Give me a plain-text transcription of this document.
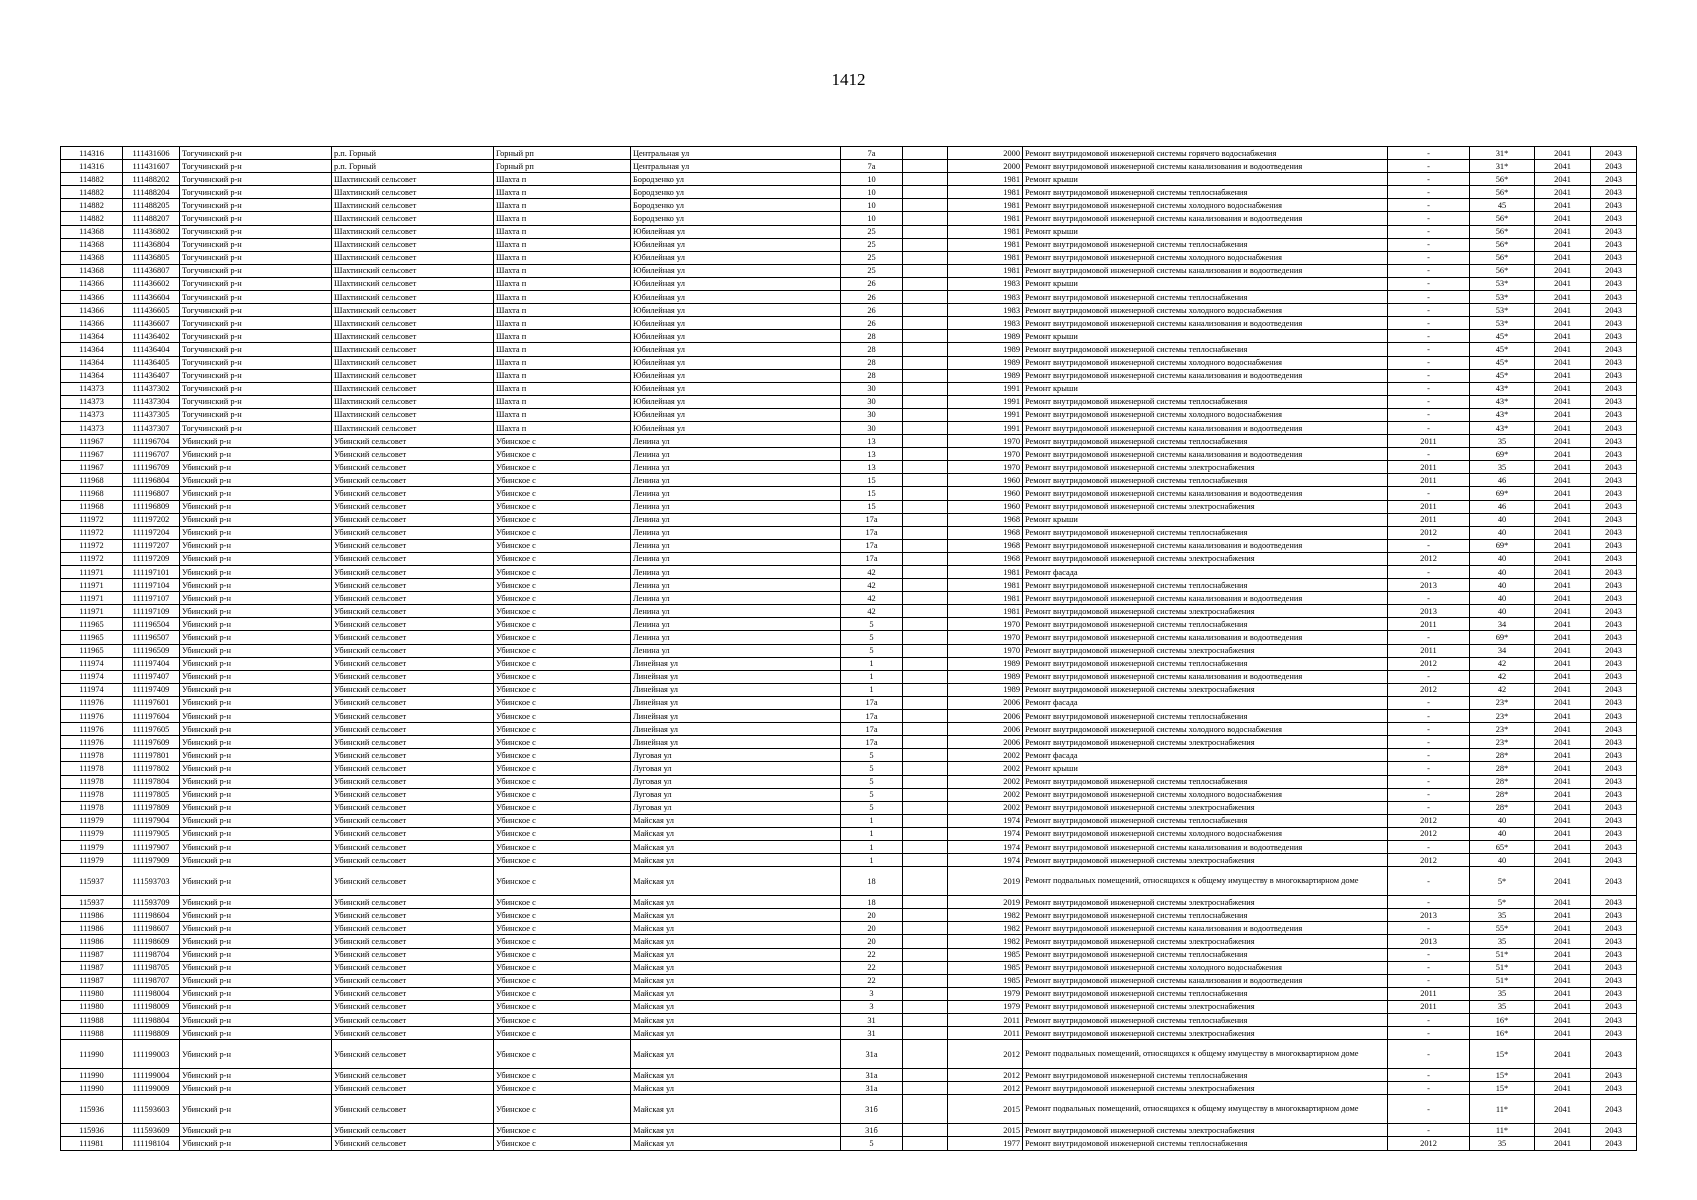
1412
114316	111431606	Тогучинский р-н	р.п. Горный	Горный рп	Центральная ул	7а		2000	Ремонт внутридомовой инженерной системы горячего водоснабжения	-	31*	2041	2043
114316	111431607	Тогучинский р-н	р.п. Горный	Горный рп	Центральная ул	7а		2000	Ремонт внутридомовой инженерной системы канализования и водоотведения	-	31*	2041	2043
114882	111488202	Тогучинский р-н	Шахтинский сельсовет	Шахта п	Бородзенко ул	10		1981	Ремонт крыши	-	56*	2041	2043
114882	111488204	Тогучинский р-н	Шахтинский сельсовет	Шахта п	Бородзенко ул	10		1981	Ремонт внутридомовой инженерной системы теплоснабжения	-	56*	2041	2043
114882	111488205	Тогучинский р-н	Шахтинский сельсовет	Шахта п	Бородзенко ул	10		1981	Ремонт внутридомовой инженерной системы холодного водоснабжения	-	45	2041	2043
114882	111488207	Тогучинский р-н	Шахтинский сельсовет	Шахта п	Бородзенко ул	10		1981	Ремонт внутридомовой инженерной системы канализования и водоотведения	-	56*	2041	2043
114368	111436802	Тогучинский р-н	Шахтинский сельсовет	Шахта п	Юбилейная ул	25		1981	Ремонт крыши	-	56*	2041	2043
114368	111436804	Тогучинский р-н	Шахтинский сельсовет	Шахта п	Юбилейная ул	25		1981	Ремонт внутридомовой инженерной системы теплоснабжения	-	56*	2041	2043
114368	111436805	Тогучинский р-н	Шахтинский сельсовет	Шахта п	Юбилейная ул	25		1981	Ремонт внутридомовой инженерной системы холодного водоснабжения	-	56*	2041	2043
114368	111436807	Тогучинский р-н	Шахтинский сельсовет	Шахта п	Юбилейная ул	25		1981	Ремонт внутридомовой инженерной системы канализования и водоотведения	-	56*	2041	2043
114366	111436602	Тогучинский р-н	Шахтинский сельсовет	Шахта п	Юбилейная ул	26		1983	Ремонт крыши	-	53*	2041	2043
114366	111436604	Тогучинский р-н	Шахтинский сельсовет	Шахта п	Юбилейная ул	26		1983	Ремонт внутридомовой инженерной системы теплоснабжения	-	53*	2041	2043
114366	111436605	Тогучинский р-н	Шахтинский сельсовет	Шахта п	Юбилейная ул	26		1983	Ремонт внутридомовой инженерной системы холодного водоснабжения	-	53*	2041	2043
114366	111436607	Тогучинский р-н	Шахтинский сельсовет	Шахта п	Юбилейная ул	26		1983	Ремонт внутридомовой инженерной системы канализования и водоотведения	-	53*	2041	2043
114364	111436402	Тогучинский р-н	Шахтинский сельсовет	Шахта п	Юбилейная ул	28		1989	Ремонт крыши	-	45*	2041	2043
114364	111436404	Тогучинский р-н	Шахтинский сельсовет	Шахта п	Юбилейная ул	28		1989	Ремонт внутридомовой инженерной системы теплоснабжения	-	45*	2041	2043
114364	111436405	Тогучинский р-н	Шахтинский сельсовет	Шахта п	Юбилейная ул	28		1989	Ремонт внутридомовой инженерной системы холодного водоснабжения	-	45*	2041	2043
114364	111436407	Тогучинский р-н	Шахтинский сельсовет	Шахта п	Юбилейная ул	28		1989	Ремонт внутридомовой инженерной системы канализования и водоотведения	-	45*	2041	2043
114373	111437302	Тогучинский р-н	Шахтинский сельсовет	Шахта п	Юбилейная ул	30		1991	Ремонт крыши	-	43*	2041	2043
114373	111437304	Тогучинский р-н	Шахтинский сельсовет	Шахта п	Юбилейная ул	30		1991	Ремонт внутридомовой инженерной системы теплоснабжения	-	43*	2041	2043
114373	111437305	Тогучинский р-н	Шахтинский сельсовет	Шахта п	Юбилейная ул	30		1991	Ремонт внутридомовой инженерной системы холодного водоснабжения	-	43*	2041	2043
114373	111437307	Тогучинский р-н	Шахтинский сельсовет	Шахта п	Юбилейная ул	30		1991	Ремонт внутридомовой инженерной системы канализования и водоотведения	-	43*	2041	2043
111967	111196704	Убинский р-н	Убинский сельсовет	Убинское с	Ленина ул	13		1970	Ремонт внутридомовой инженерной системы теплоснабжения	2011	35	2041	2043
111967	111196707	Убинский р-н	Убинский сельсовет	Убинское с	Ленина ул	13		1970	Ремонт внутридомовой инженерной системы канализования и водоотведения	-	69*	2041	2043
111967	111196709	Убинский р-н	Убинский сельсовет	Убинское с	Ленина ул	13		1970	Ремонт внутридомовой инженерной системы электроснабжения	2011	35	2041	2043
111968	111196804	Убинский р-н	Убинский сельсовет	Убинское с	Ленина ул	15		1960	Ремонт внутридомовой инженерной системы теплоснабжения	2011	46	2041	2043
111968	111196807	Убинский р-н	Убинский сельсовет	Убинское с	Ленина ул	15		1960	Ремонт внутридомовой инженерной системы канализования и водоотведения	-	69*	2041	2043
111968	111196809	Убинский р-н	Убинский сельсовет	Убинское с	Ленина ул	15		1960	Ремонт внутридомовой инженерной системы электроснабжения	2011	46	2041	2043
111972	111197202	Убинский р-н	Убинский сельсовет	Убинское с	Ленина ул	17а		1968	Ремонт крыши	2011	40	2041	2043
111972	111197204	Убинский р-н	Убинский сельсовет	Убинское с	Ленина ул	17а		1968	Ремонт внутридомовой инженерной системы теплоснабжения	2012	40	2041	2043
111972	111197207	Убинский р-н	Убинский сельсовет	Убинское с	Ленина ул	17а		1968	Ремонт внутридомовой инженерной системы канализования и водоотведения	-	69*	2041	2043
111972	111197209	Убинский р-н	Убинский сельсовет	Убинское с	Ленина ул	17а		1968	Ремонт внутридомовой инженерной системы электроснабжения	2012	40	2041	2043
111971	111197101	Убинский р-н	Убинский сельсовет	Убинское с	Ленина ул	42		1981	Ремонт фасада	-	40	2041	2043
111971	111197104	Убинский р-н	Убинский сельсовет	Убинское с	Ленина ул	42		1981	Ремонт внутридомовой инженерной системы теплоснабжения	2013	40	2041	2043
111971	111197107	Убинский р-н	Убинский сельсовет	Убинское с	Ленина ул	42		1981	Ремонт внутридомовой инженерной системы канализования и водоотведения	-	40	2041	2043
111971	111197109	Убинский р-н	Убинский сельсовет	Убинское с	Ленина ул	42		1981	Ремонт внутридомовой инженерной системы электроснабжения	2013	40	2041	2043
111965	111196504	Убинский р-н	Убинский сельсовет	Убинское с	Ленина ул	5		1970	Ремонт внутридомовой инженерной системы теплоснабжения	2011	34	2041	2043
111965	111196507	Убинский р-н	Убинский сельсовет	Убинское с	Ленина ул	5		1970	Ремонт внутридомовой инженерной системы канализования и водоотведения	-	69*	2041	2043
111965	111196509	Убинский р-н	Убинский сельсовет	Убинское с	Ленина ул	5		1970	Ремонт внутридомовой инженерной системы электроснабжения	2011	34	2041	2043
111974	111197404	Убинский р-н	Убинский сельсовет	Убинское с	Линейная ул	1		1989	Ремонт внутридомовой инженерной системы теплоснабжения	2012	42	2041	2043
111974	111197407	Убинский р-н	Убинский сельсовет	Убинское с	Линейная ул	1		1989	Ремонт внутридомовой инженерной системы канализования и водоотведения	-	42	2041	2043
111974	111197409	Убинский р-н	Убинский сельсовет	Убинское с	Линейная ул	1		1989	Ремонт внутридомовой инженерной системы электроснабжения	2012	42	2041	2043
111976	111197601	Убинский р-н	Убинский сельсовет	Убинское с	Линейная ул	17а		2006	Ремонт фасада	-	23*	2041	2043
111976	111197604	Убинский р-н	Убинский сельсовет	Убинское с	Линейная ул	17а		2006	Ремонт внутридомовой инженерной системы теплоснабжения	-	23*	2041	2043
111976	111197605	Убинский р-н	Убинский сельсовет	Убинское с	Линейная ул	17а		2006	Ремонт внутридомовой инженерной системы холодного водоснабжения	-	23*	2041	2043
111976	111197609	Убинский р-н	Убинский сельсовет	Убинское с	Линейная ул	17а		2006	Ремонт внутридомовой инженерной системы электроснабжения	-	23*	2041	2043
111978	111197801	Убинский р-н	Убинский сельсовет	Убинское с	Луговая ул	5		2002	Ремонт фасада	-	28*	2041	2043
111978	111197802	Убинский р-н	Убинский сельсовет	Убинское с	Луговая ул	5		2002	Ремонт крыши	-	28*	2041	2043
111978	111197804	Убинский р-н	Убинский сельсовет	Убинское с	Луговая ул	5		2002	Ремонт внутридомовой инженерной системы теплоснабжения	-	28*	2041	2043
111978	111197805	Убинский р-н	Убинский сельсовет	Убинское с	Луговая ул	5		2002	Ремонт внутридомовой инженерной системы холодного водоснабжения	-	28*	2041	2043
111978	111197809	Убинский р-н	Убинский сельсовет	Убинское с	Луговая ул	5		2002	Ремонт внутридомовой инженерной системы электроснабжения	-	28*	2041	2043
111979	111197904	Убинский р-н	Убинский сельсовет	Убинское с	Майская ул	1		1974	Ремонт внутридомовой инженерной системы теплоснабжения	2012	40	2041	2043
111979	111197905	Убинский р-н	Убинский сельсовет	Убинское с	Майская ул	1		1974	Ремонт внутридомовой инженерной системы холодного водоснабжения	2012	40	2041	2043
111979	111197907	Убинский р-н	Убинский сельсовет	Убинское с	Майская ул	1		1974	Ремонт внутридомовой инженерной системы канализования и водоотведения	-	65*	2041	2043
111979	111197909	Убинский р-н	Убинский сельсовет	Убинское с	Майская ул	1		1974	Ремонт внутридомовой инженерной системы электроснабжения	2012	40	2041	2043
115937	111593703	Убинский р-н	Убинский сельсовет	Убинское с	Майская ул	18		2019	Ремонт подвальных помещений, относящихся к общему имуществу в многоквартирном доме	-	5*	2041	2043
115937	111593709	Убинский р-н	Убинский сельсовет	Убинское с	Майская ул	18		2019	Ремонт внутридомовой инженерной системы электроснабжения	-	5*	2041	2043
111986	111198604	Убинский р-н	Убинский сельсовет	Убинское с	Майская ул	20		1982	Ремонт внутридомовой инженерной системы теплоснабжения	2013	35	2041	2043
111986	111198607	Убинский р-н	Убинский сельсовет	Убинское с	Майская ул	20		1982	Ремонт внутридомовой инженерной системы канализования и водоотведения	-	55*	2041	2043
111986	111198609	Убинский р-н	Убинский сельсовет	Убинское с	Майская ул	20		1982	Ремонт внутридомовой инженерной системы электроснабжения	2013	35	2041	2043
111987	111198704	Убинский р-н	Убинский сельсовет	Убинское с	Майская ул	22		1985	Ремонт внутридомовой инженерной системы теплоснабжения	-	51*	2041	2043
111987	111198705	Убинский р-н	Убинский сельсовет	Убинское с	Майская ул	22		1985	Ремонт внутридомовой инженерной системы холодного водоснабжения	-	51*	2041	2043
111987	111198707	Убинский р-н	Убинский сельсовет	Убинское с	Майская ул	22		1985	Ремонт внутридомовой инженерной системы канализования и водоотведения	-	51*	2041	2043
111980	111198004	Убинский р-н	Убинский сельсовет	Убинское с	Майская ул	3		1979	Ремонт внутридомовой инженерной системы теплоснабжения	2011	35	2041	2043
111980	111198009	Убинский р-н	Убинский сельсовет	Убинское с	Майская ул	3		1979	Ремонт внутридомовой инженерной системы электроснабжения	2011	35	2041	2043
111988	111198804	Убинский р-н	Убинский сельсовет	Убинское с	Майская ул	31		2011	Ремонт внутридомовой инженерной системы теплоснабжения	-	16*	2041	2043
111988	111198809	Убинский р-н	Убинский сельсовет	Убинское с	Майская ул	31		2011	Ремонт внутридомовой инженерной системы электроснабжения	-	16*	2041	2043
111990	111199003	Убинский р-н	Убинский сельсовет	Убинское с	Майская ул	31а		2012	Ремонт подвальных помещений, относящихся к общему имуществу в многоквартирном доме	-	15*	2041	2043
111990	111199004	Убинский р-н	Убинский сельсовет	Убинское с	Майская ул	31а		2012	Ремонт внутридомовой инженерной системы теплоснабжения	-	15*	2041	2043
111990	111199009	Убинский р-н	Убинский сельсовет	Убинское с	Майская ул	31а		2012	Ремонт внутридомовой инженерной системы электроснабжения	-	15*	2041	2043
115936	111593603	Убинский р-н	Убинский сельсовет	Убинское с	Майская ул	31б		2015	Ремонт подвальных помещений, относящихся к общему имуществу в многоквартирном доме	-	11*	2041	2043
115936	111593609	Убинский р-н	Убинский сельсовет	Убинское с	Майская ул	31б		2015	Ремонт внутридомовой инженерной системы электроснабжения	-	11*	2041	2043
111981	111198104	Убинский р-н	Убинский сельсовет	Убинское с	Майская ул	5		1977	Ремонт внутридомовой инженерной системы теплоснабжения	2012	35	2041	2043
